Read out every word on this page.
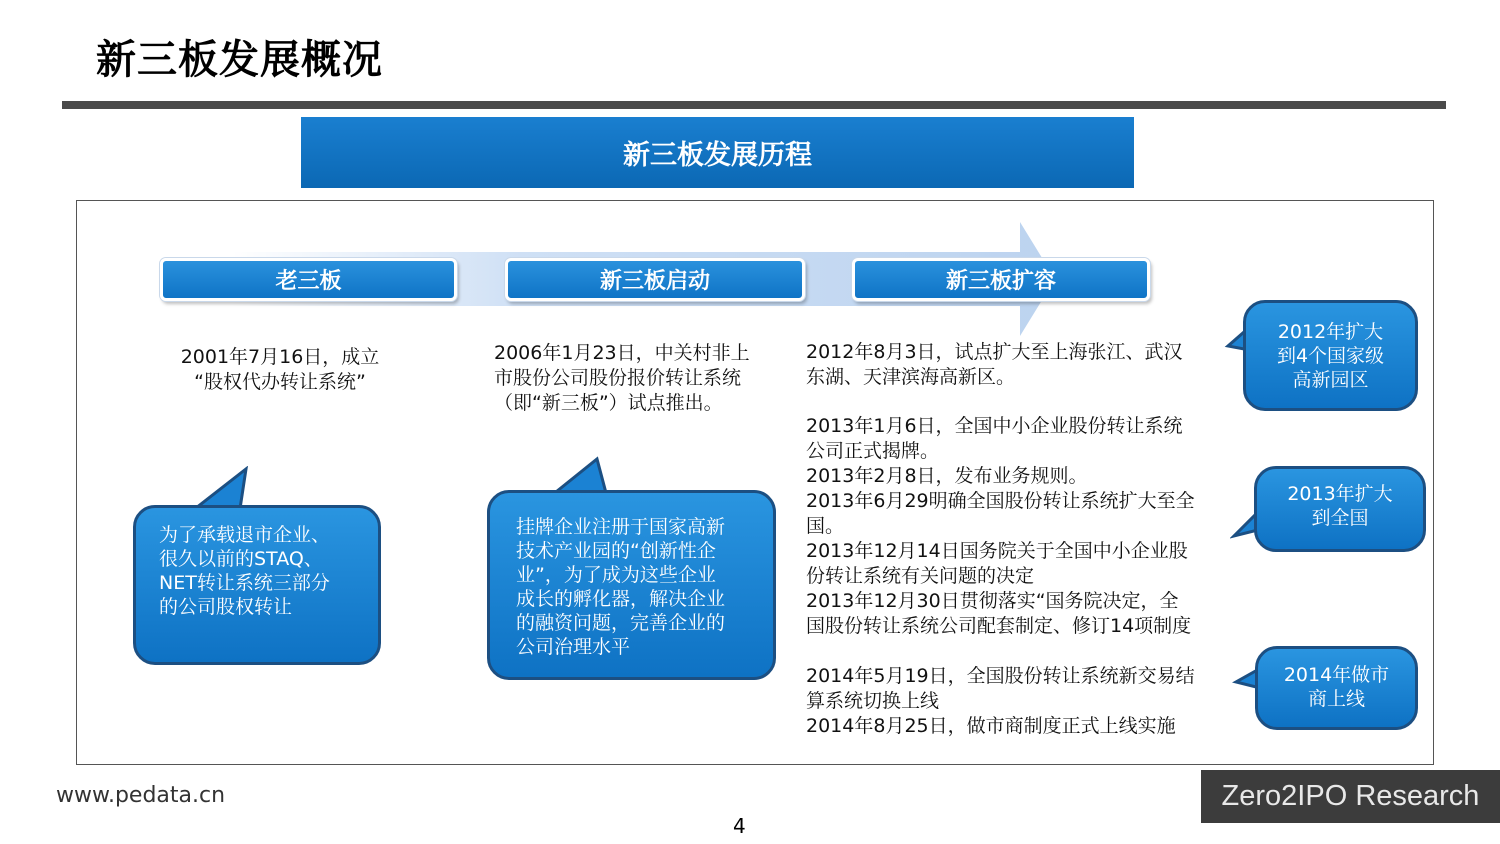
新三板发展概况
新三板发展历程
老三板	新三板启动	新三板扩容
2001年7月16日，成立
“股权代办转让系统”
2006年1月23日，中关村非上
市股份公司股份报价转让系统
（即“新三板”）试点推出。
2012年8月3日，试点扩大至上海张江、武汉
东湖、天津滨海高新区。
2013年1月6日，全国中小企业股份转让系统
公司正式揭牌。
2013年2月8日，发布业务规则。
2013年6月29明确全国股份转让系统扩大至全
国。
2013年12月14日国务院关于全国中小企业股
份转让系统有关问题的决定
2013年12月30日贯彻落实“国务院决定，全
国股份转让系统公司配套制定、修订14项制度
2014年5月19日，全国股份转让系统新交易结
算系统切换上线
2014年8月25日，做市商制度正式上线实施
为了承载退市企业、
很久以前的STAQ、
NET转让系统三部分
的公司股权转让
挂牌企业注册于国家高新
技术产业园的“创新性企
业”，为了成为这些企业
成长的孵化器，解决企业
的融资问题，完善企业的
公司治理水平
2012年扩大
到4个国家级
高新园区
2013年扩大
到全国
2014年做市
商上线
www.pedata.cn
4
Zero2IPO Research
